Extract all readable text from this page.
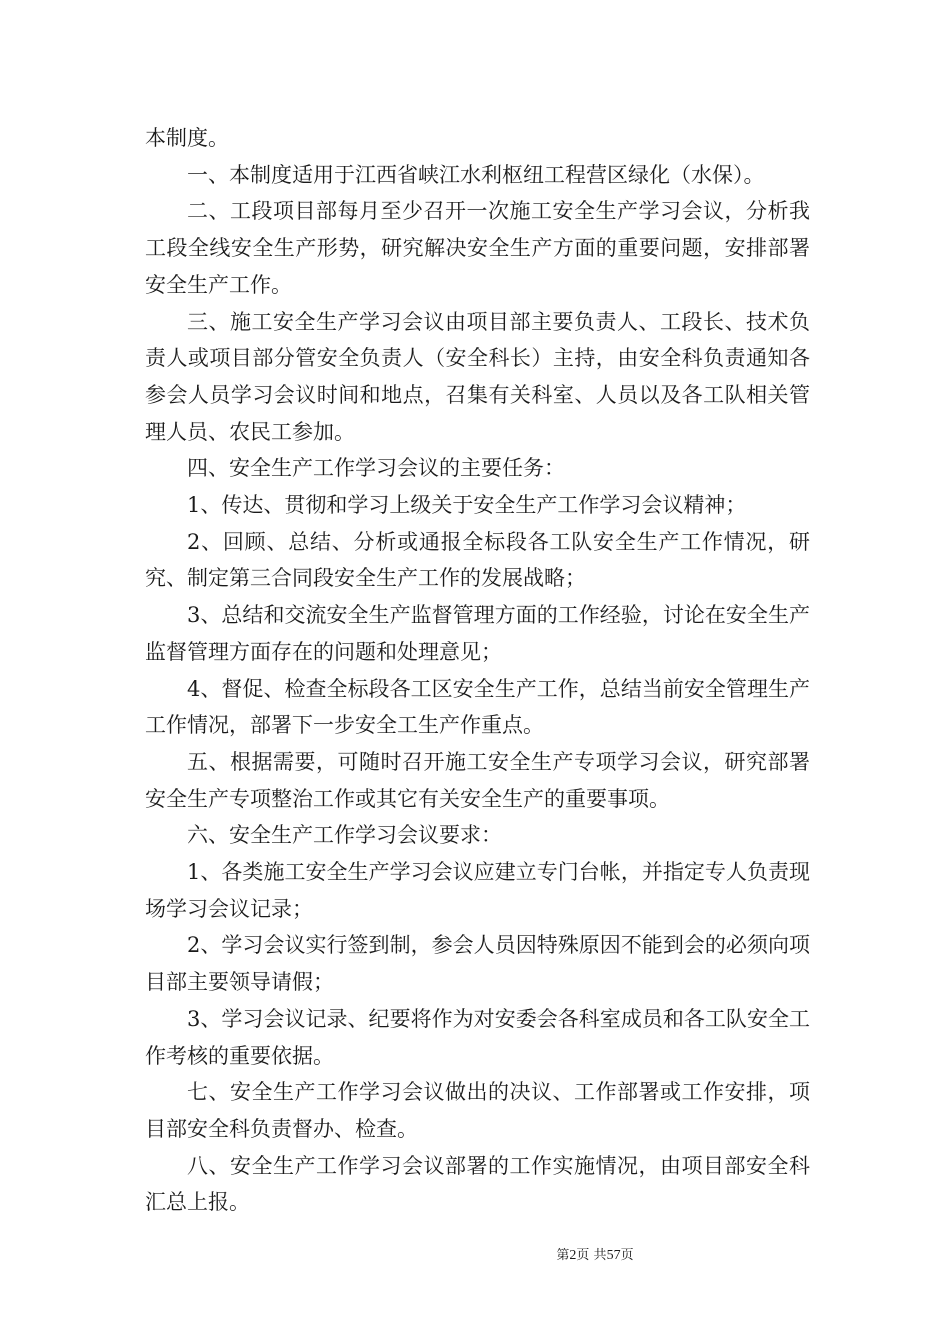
本制度。

一、本制度适用于江西省峡江水利枢纽工程营区绿化（水保）。

二、工段项目部每月至少召开一次施工安全生产学习会议，分析我工段全线安全生产形势，研究解决安全生产方面的重要问题，安排部署安全生产工作。

三、施工安全生产学习会议由项目部主要负责人、工段长、技术负责人或项目部分管安全负责人（安全科长）主持，由安全科负责通知各参会人员学习会议时间和地点，召集有关科室、人员以及各工队相关管理人员、农民工参加。

四、安全生产工作学习会议的主要任务：

1、传达、贯彻和学习上级关于安全生产工作学习会议精神；

2、回顾、总结、分析或通报全标段各工队安全生产工作情况，研究、制定第三合同段安全生产工作的发展战略；

3、总结和交流安全生产监督管理方面的工作经验，讨论在安全生产监督管理方面存在的问题和处理意见；

4、督促、检查全标段各工区安全生产工作，总结当前安全管理生产工作情况，部署下一步安全工生产作重点。

五、根据需要，可随时召开施工安全生产专项学习会议，研究部署安全生产专项整治工作或其它有关安全生产的重要事项。

六、安全生产工作学习会议要求：

1、各类施工安全生产学习会议应建立专门台帐，并指定专人负责现场学习会议记录；

2、学习会议实行签到制，参会人员因特殊原因不能到会的必须向项目部主要领导请假；

3、学习会议记录、纪要将作为对安委会各科室成员和各工队安全工作考核的重要依据。

七、安全生产工作学习会议做出的决议、工作部署或工作安排，项目部安全科负责督办、检查。

八、安全生产工作学习会议部署的工作实施情况，由项目部安全科汇总上报。

第2页 共57页
